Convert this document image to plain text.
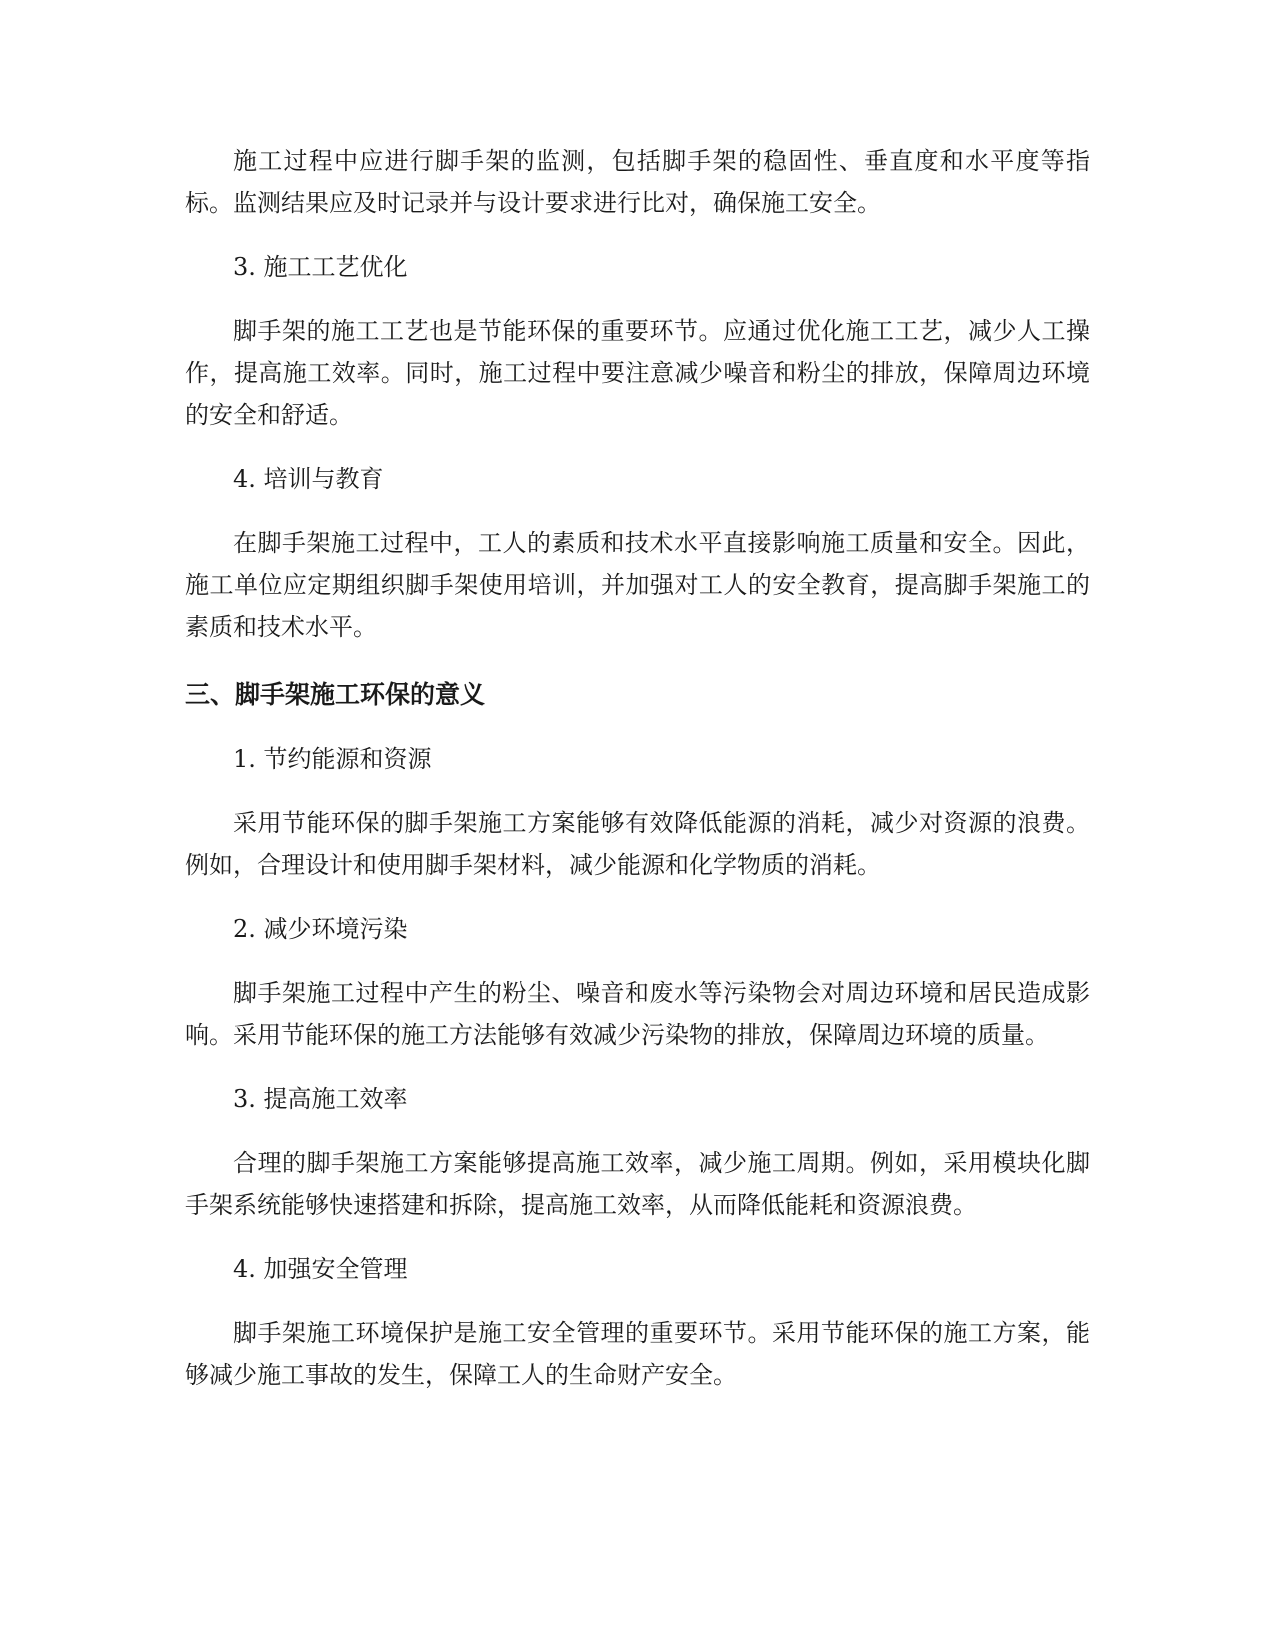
施工过程中应进行脚手架的监测，包括脚手架的稳固性、垂直度和水平度等指标。监测结果应及时记录并与设计要求进行比对，确保施工安全。

3. 施工工艺优化

脚手架的施工工艺也是节能环保的重要环节。应通过优化施工工艺，减少人工操作，提高施工效率。同时，施工过程中要注意减少噪音和粉尘的排放，保障周边环境的安全和舒适。

4. 培训与教育

在脚手架施工过程中，工人的素质和技术水平直接影响施工质量和安全。因此，施工单位应定期组织脚手架使用培训，并加强对工人的安全教育，提高脚手架施工的素质和技术水平。

三、脚手架施工环保的意义

1. 节约能源和资源

采用节能环保的脚手架施工方案能够有效降低能源的消耗，减少对资源的浪费。例如，合理设计和使用脚手架材料，减少能源和化学物质的消耗。

2. 减少环境污染

脚手架施工过程中产生的粉尘、噪音和废水等污染物会对周边环境和居民造成影响。采用节能环保的施工方法能够有效减少污染物的排放，保障周边环境的质量。

3. 提高施工效率

合理的脚手架施工方案能够提高施工效率，减少施工周期。例如，采用模块化脚手架系统能够快速搭建和拆除，提高施工效率，从而降低能耗和资源浪费。

4. 加强安全管理

脚手架施工环境保护是施工安全管理的重要环节。采用节能环保的施工方案，能够减少施工事故的发生，保障工人的生命财产安全。
